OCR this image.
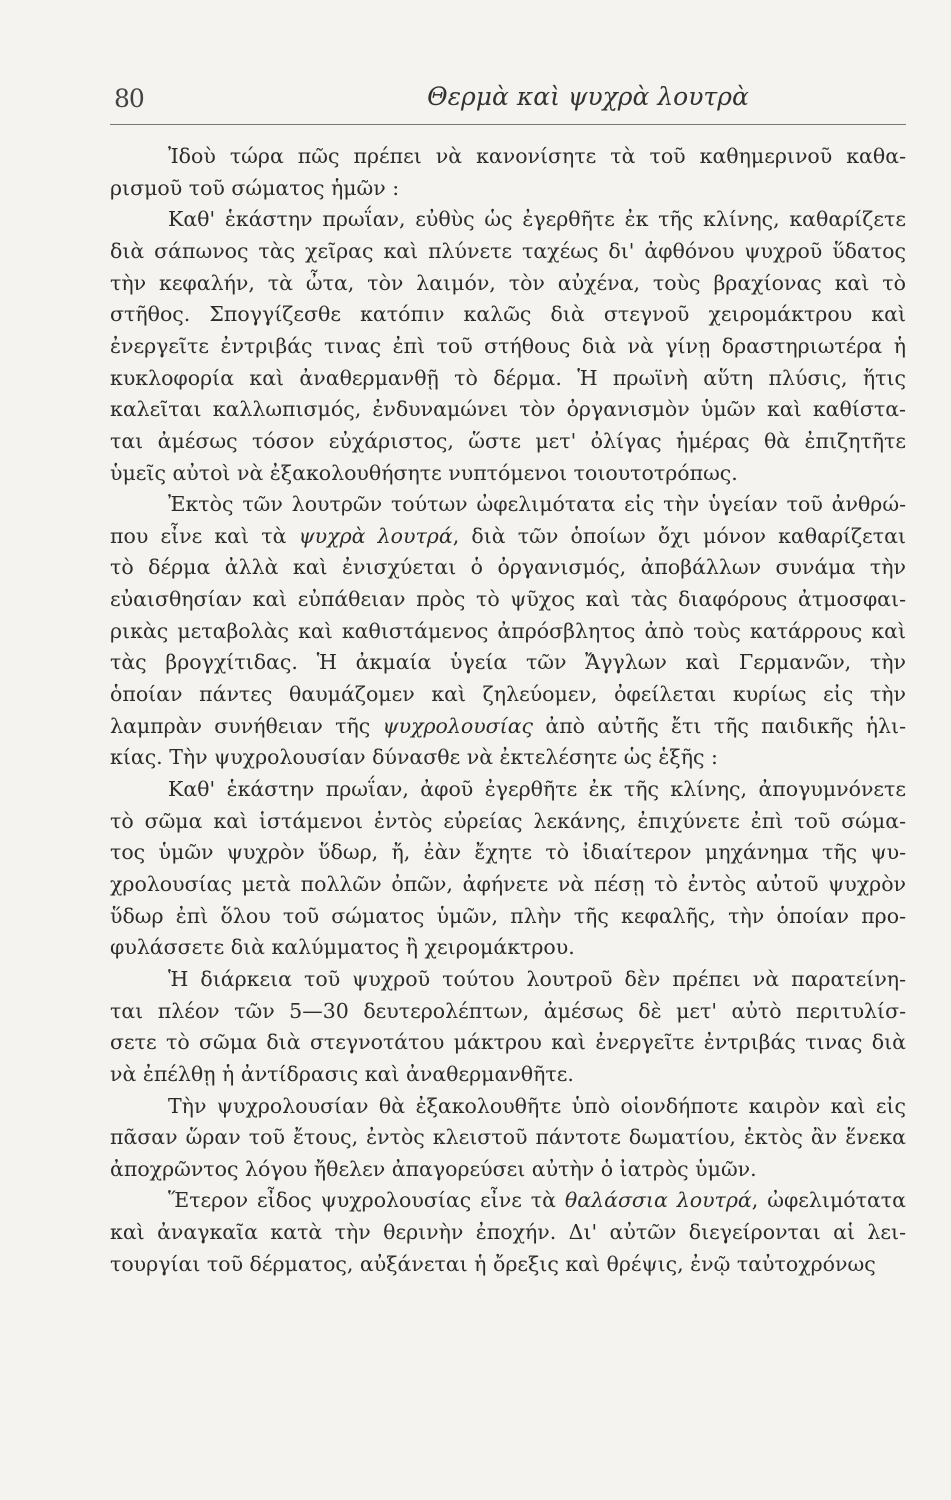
80	Θερμὰ καὶ ψυχρὰ λουτρὰ
Ἰδοὺ τώρα πῶς πρέπει νὰ κανονίσητε τὰ τοῦ καθημερινοῦ καθα-
ρισμοῦ τοῦ σώματος ἡμῶν :
Καθ' ἑκάστην πρωΐαν, εὐθὺς ὡς ἐγερθῆτε ἐκ τῆς κλίνης, καθαρίζετε
διὰ σάπωνος τὰς χεῖρας καὶ πλύνετε ταχέως δι' ἀφθόνου ψυχροῦ ὕδατος
τὴν κεφαλήν, τὰ ὦτα, τὸν λαιμόν, τὸν αὐχένα, τοὺς βραχίονας καὶ τὸ
στῆθος. Σπογγίζεσθε κατόπιν καλῶς διὰ στεγνοῦ χειρομάκτρου καὶ
ἐνεργεῖτε ἐντριβάς τινας ἐπὶ τοῦ στήθους διὰ νὰ γίνῃ δραστηριωτέρα ἡ
κυκλοφορία καὶ ἀναθερμανθῇ τὸ δέρμα. Ἡ πρωϊνὴ αὕτη πλύσις, ἥτις
καλεῖται καλλωπισμός, ἐνδυναμώνει τὸν ὀργανισμὸν ὑμῶν καὶ καθίστα-
ται ἀμέσως τόσον εὐχάριστος, ὥστε μετ' ὀλίγας ἡμέρας θὰ ἐπιζητῆτε
ὑμεῖς αὐτοὶ νὰ ἐξακολουθήσητε νυπτόμενοι τοιουτοτρόπως.
Ἐκτὸς τῶν λουτρῶν τούτων ὠφελιμότατα εἰς τὴν ὑγείαν τοῦ ἀνθρώ-
που εἶνε καὶ τὰ ψυχρὰ λουτρά, διὰ τῶν ὁποίων ὄχι μόνον καθαρίζεται
τὸ δέρμα ἀλλὰ καὶ ἐνισχύεται ὁ ὀργανισμός, ἀποβάλλων συνάμα τὴν
εὐαισθησίαν καὶ εὐπάθειαν πρὸς τὸ ψῦχος καὶ τὰς διαφόρους ἀτμοσφαι-
ρικὰς μεταβολὰς καὶ καθιστάμενος ἀπρόσβλητος ἀπὸ τοὺς κατάρρους καὶ
τὰς βρογχίτιδας. Ἡ ἀκμαία ὑγεία τῶν Ἄγγλων καὶ Γερμανῶν, τὴν
ὁποίαν πάντες θαυμάζομεν καὶ ζηλεύομεν, ὀφείλεται κυρίως εἰς τὴν
λαμπρὰν συνήθειαν τῆς ψυχρολουσίας ἀπὸ αὐτῆς ἔτι τῆς παιδικῆς ἡλι-
κίας. Τὴν ψυχρολουσίαν δύνασθε νὰ ἐκτελέσητε ὡς ἑξῆς :
Καθ' ἑκάστην πρωΐαν, ἀφοῦ ἐγερθῆτε ἐκ τῆς κλίνης, ἀπογυμνόνετε
τὸ σῶμα καὶ ἱστάμενοι ἐντὸς εὐρείας λεκάνης, ἐπιχύνετε ἐπὶ τοῦ σώμα-
τος ὑμῶν ψυχρὸν ὕδωρ, ἤ, ἐὰν ἔχητε τὸ ἰδιαίτερον μηχάνημα τῆς ψυ-
χρολουσίας μετὰ πολλῶν ὀπῶν, ἀφήνετε νὰ πέσῃ τὸ ἐντὸς αὐτοῦ ψυχρὸν
ὕδωρ ἐπὶ ὅλου τοῦ σώματος ὑμῶν, πλὴν τῆς κεφαλῆς, τὴν ὁποίαν προ-
φυλάσσετε διὰ καλύμματος ἢ χειρομάκτρου.
Ἡ διάρκεια τοῦ ψυχροῦ τούτου λουτροῦ δὲν πρέπει νὰ παρατείνη-
ται πλέον τῶν 5—30 δευτερολέπτων, ἀμέσως δὲ μετ' αὐτὸ περιτυλίσ-
σετε τὸ σῶμα διὰ στεγνοτάτου μάκτρου καὶ ἐνεργεῖτε ἐντριβάς τινας διὰ
νὰ ἐπέλθῃ ἡ ἀντίδρασις καὶ ἀναθερμανθῆτε.
Τὴν ψυχρολουσίαν θὰ ἐξακολουθῆτε ὑπὸ οἱονδήποτε καιρὸν καὶ εἰς
πᾶσαν ὥραν τοῦ ἔτους, ἐντὸς κλειστοῦ πάντοτε δωματίου, ἐκτὸς ἂν ἕνεκα
ἀποχρῶντος λόγου ἤθελεν ἀπαγορεύσει αὐτὴν ὁ ἰατρὸς ὑμῶν.
Ἕτερον εἶδος ψυχρολουσίας εἶνε τὰ θαλάσσια λουτρά, ὠφελιμότατα
καὶ ἀναγκαῖα κατὰ τὴν θερινὴν ἐποχήν. Δι' αὐτῶν διεγείρονται αἱ λει-
τουργίαι τοῦ δέρματος, αὐξάνεται ἡ ὄρεξις καὶ θρέψις, ἐνῷ ταὐτοχρόνως
